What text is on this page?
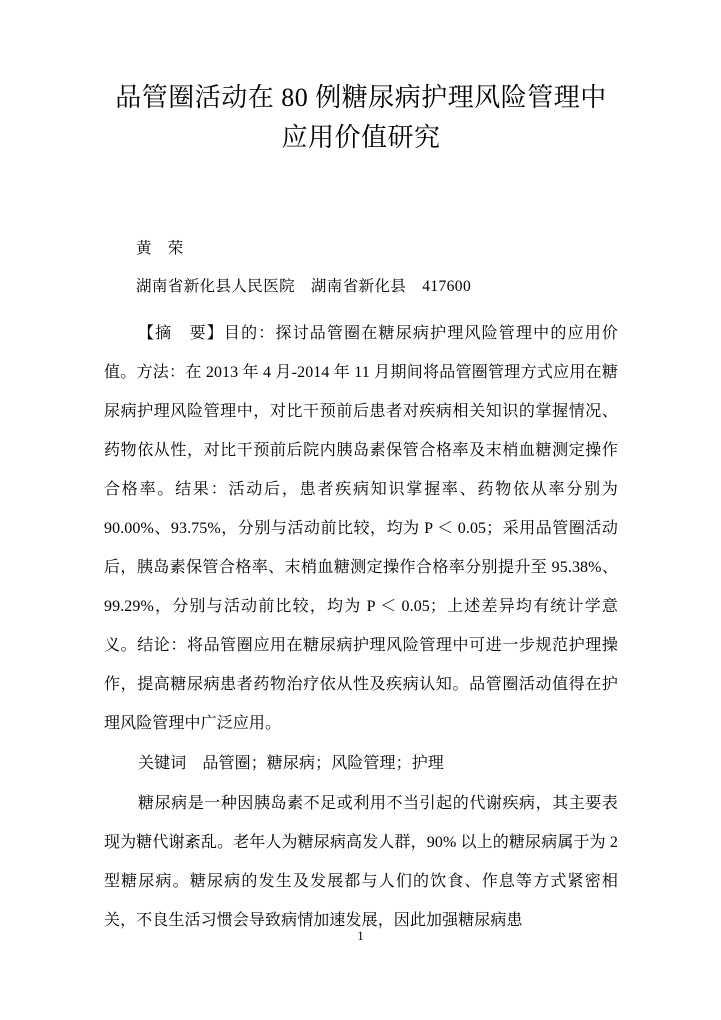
品管圈活动在 80 例糖尿病护理风险管理中
应用价值研究
黄　荣
湖南省新化县人民医院　湖南省新化县　417600

【摘　要】目的：探讨品管圈在糖尿病护理风险管理中的应用价值。方法：在 2013 年 4 月-2014 年 11 月期间将品管圈管理方式应用在糖尿病护理风险管理中，对比干预前后患者对疾病相关知识的掌握情况、药物依从性，对比干预前后院内胰岛素保管合格率及末梢血糖测定操作合格率。结果：活动后，患者疾病知识掌握率、药物依从率分别为 90.00%、93.75%，分别与活动前比较，均为 P ＜ 0.05；采用品管圈活动后，胰岛素保管合格率、末梢血糖测定操作合格率分别提升至 95.38%、99.29%，分别与活动前比较，均为 P ＜ 0.05；上述差异均有统计学意义。结论：将品管圈应用在糖尿病护理风险管理中可进一步规范护理操作，提高糖尿病患者药物治疗依从性及疾病认知。品管圈活动值得在护理风险管理中广泛应用。

关键词　品管圈；糖尿病；风险管理；护理

糖尿病是一种因胰岛素不足或利用不当引起的代谢疾病，其主要表现为糖代谢紊乱。老年人为糖尿病高发人群，90% 以上的糖尿病属于为 2 型糖尿病。糖尿病的发生及发展都与人们的饮食、作息等方式紧密相关，不良生活习惯会导致病情加速发展，因此加强糖尿病患

1
